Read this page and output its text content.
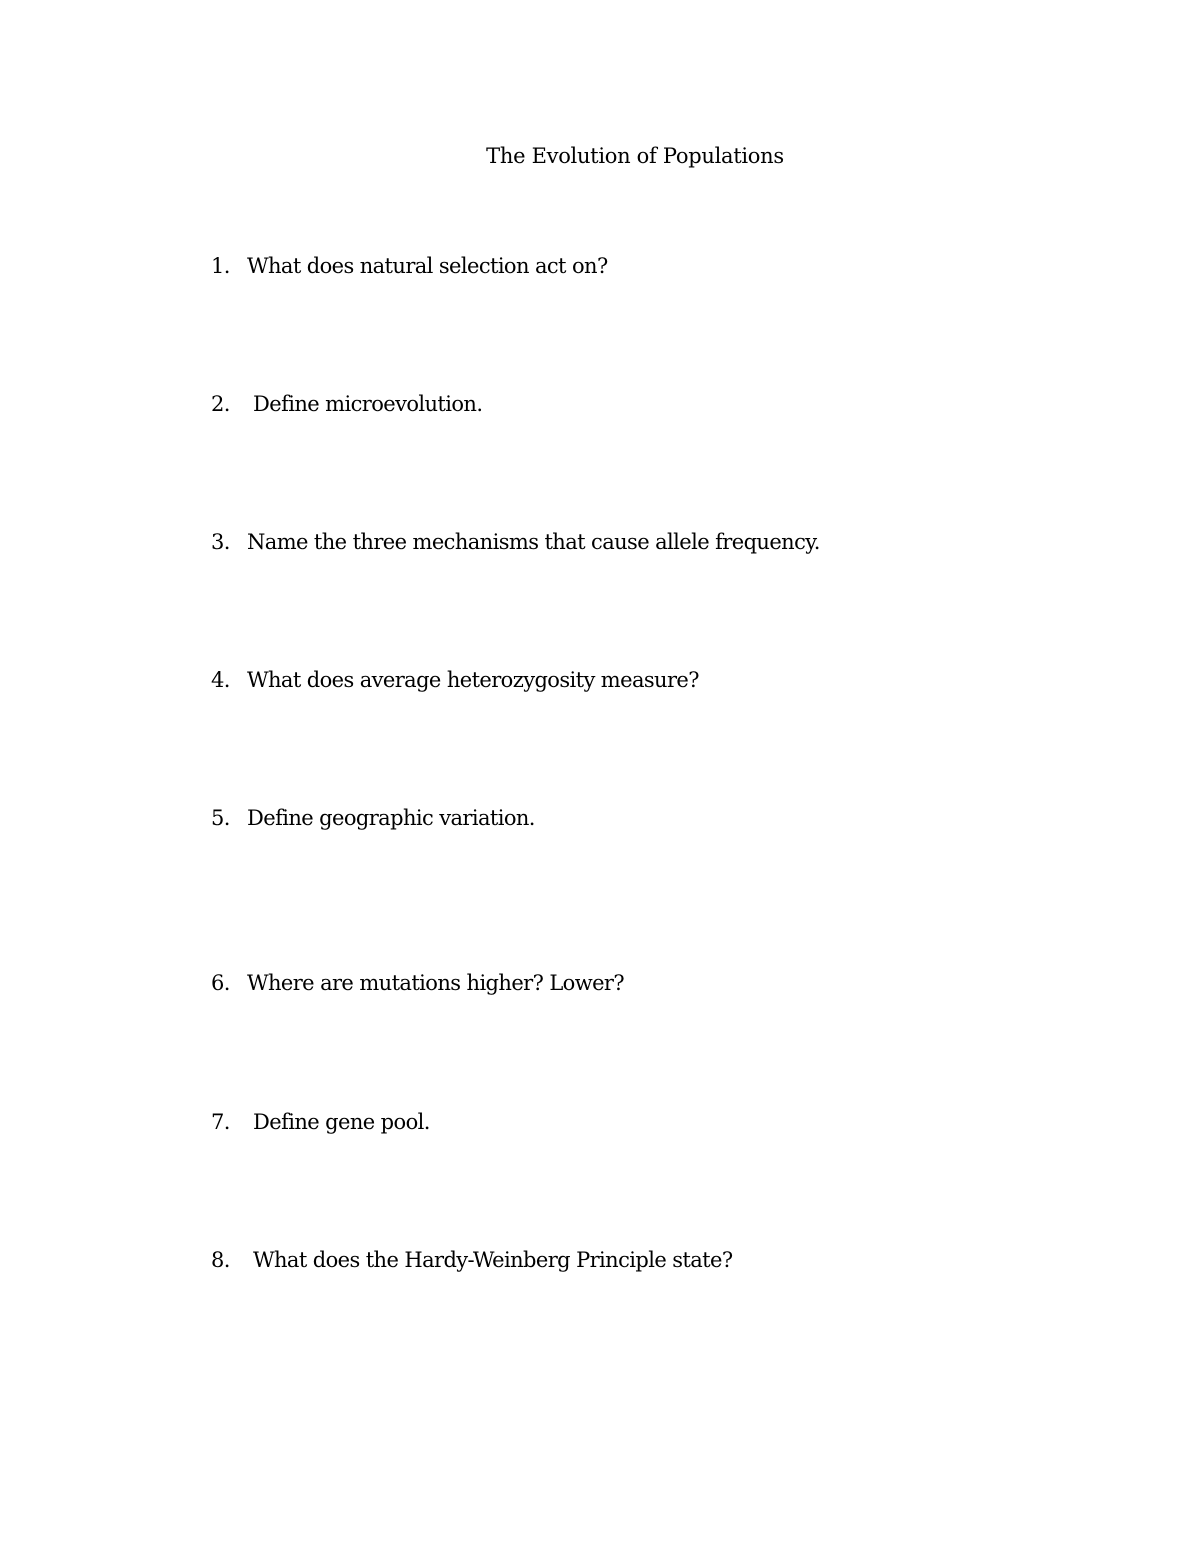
The Evolution of Populations
1. What does natural selection act on?
2. Define microevolution.
3. Name the three mechanisms that cause allele frequency.
4. What does average heterozygosity measure?
5. Define geographic variation.
6. Where are mutations higher? Lower?
7. Define gene pool.
8. What does the Hardy-Weinberg Principle state?
